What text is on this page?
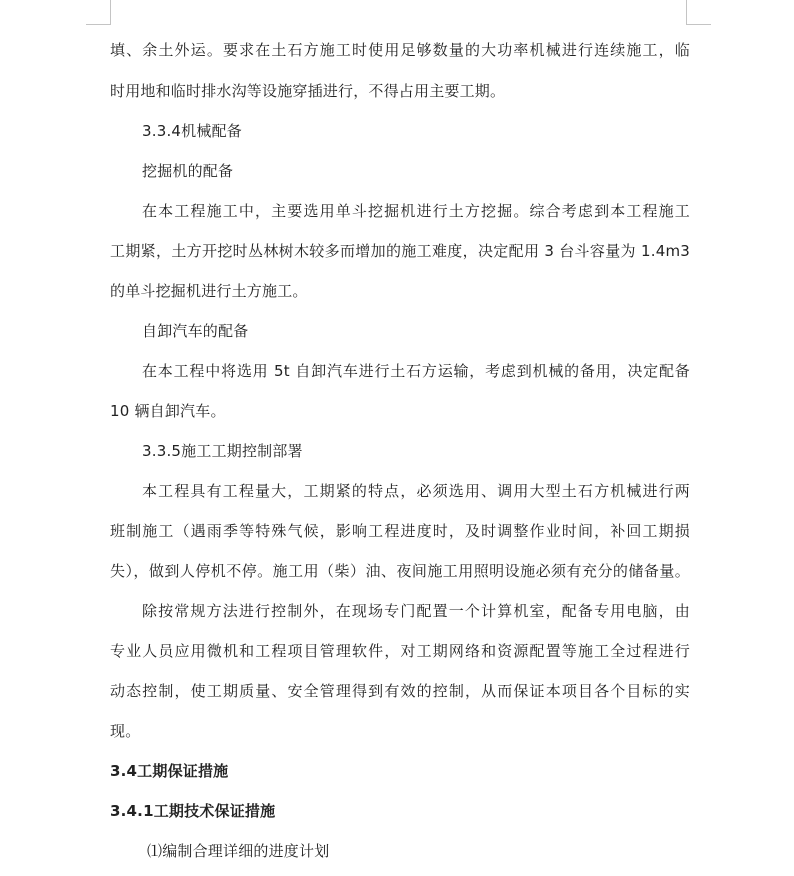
填、余土外运。要求在土石方施工时使用足够数量的大功率机械进行连续施工，临
时用地和临时排水沟等设施穿插进行，不得占用主要工期。
3.3.4机械配备
挖掘机的配备
在本工程施工中，主要选用单斗挖掘机进行土方挖掘。综合考虑到本工程施工
工期紧，土方开挖时丛林树木较多而增加的施工难度，决定配用 3 台斗容量为 1.4m3
的单斗挖掘机进行土方施工。
自卸汽车的配备
在本工程中将选用 5t 自卸汽车进行土石方运输，考虑到机械的备用，决定配备
10 辆自卸汽车。
3.3.5施工工期控制部署
本工程具有工程量大，工期紧的特点，必须选用、调用大型土石方机械进行两
班制施工（遇雨季等特殊气候，影响工程进度时，及时调整作业时间，补回工期损
失），做到人停机不停。施工用（柴）油、夜间施工用照明设施必须有充分的储备量。
除按常规方法进行控制外，在现场专门配置一个计算机室，配备专用电脑，由
专业人员应用微机和工程项目管理软件，对工期网络和资源配置等施工全过程进行
动态控制，使工期质量、安全管理得到有效的控制，从而保证本项目各个目标的实
现。
3.4工期保证措施
3.4.1工期技术保证措施
⑴编制合理详细的进度计划
